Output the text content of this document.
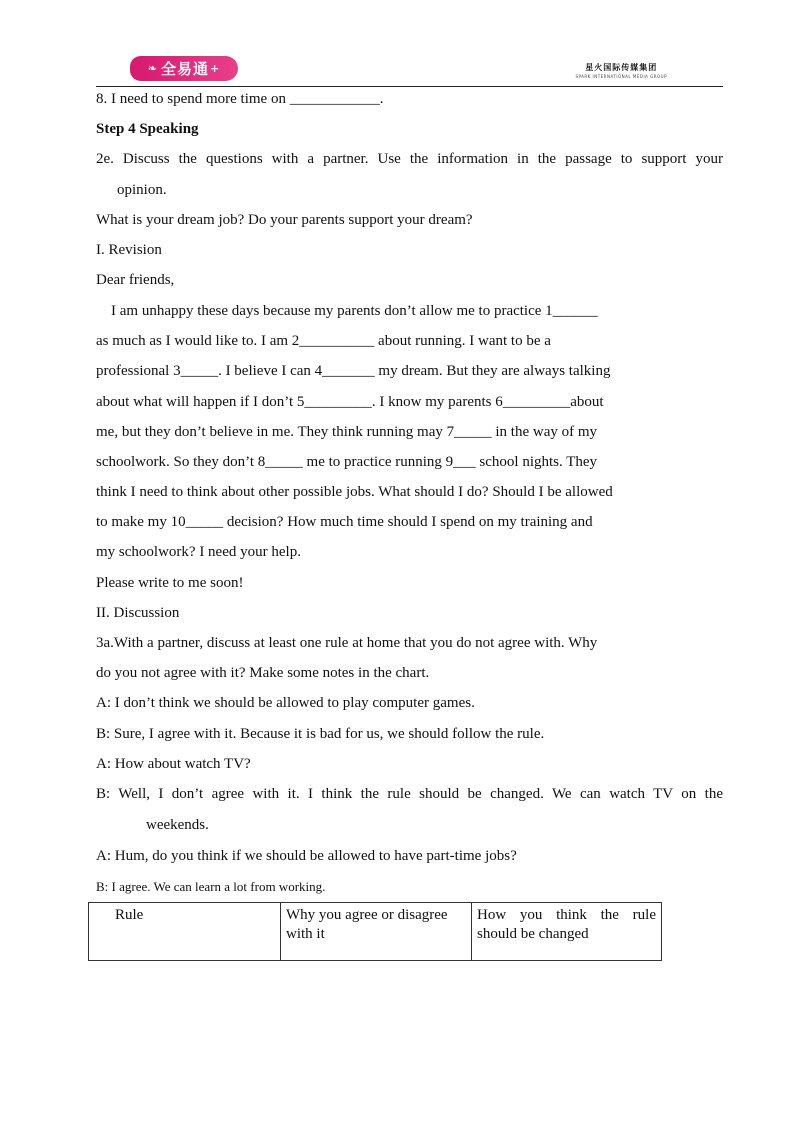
❧ 全易通 +	星火国际传媒集团
SPARK INTERNATIONAL MEDIA GROUP
8. I need to spend more time on ____________.
Step 4 Speaking
2e. Discuss the questions with a partner. Use the information in the passage to support your
opinion.
What is your dream job? Do your parents support your dream?
I. Revision
Dear friends,
I am unhappy these days because my parents don’t allow me to practice 1______
as much as I would like to. I am 2__________ about running. I want to be a
professional 3_____. I believe I can 4_______ my dream. But they are always talking
about what will happen if I don’t 5_________. I know my parents 6_________about
me, but they don’t believe in me. They think running may 7_____ in the way of my
schoolwork. So they don’t 8_____ me to practice running 9___ school nights. They
think I need to think about other possible jobs. What should I do? Should I be allowed
to make my 10_____ decision? How much time should I spend on my training and
my schoolwork? I need your help.
Please write to me soon!
II. Discussion
3a.With a partner, discuss at least one rule at home that you do not agree with. Why
do you not agree with it? Make some notes in the chart.
A: I don’t think we should be allowed to play computer games.
B: Sure, I agree with it. Because it is bad for us, we should follow the rule.
A: How about watch TV?
B: Well, I don’t agree with it. I think the rule should be changed. We can watch TV on the
weekends.
A: Hum, do you think if we should be allowed to have part-time jobs?
B: I agree. We can learn a lot from working.
Rule	Why you agree or disagree with it	How you think the rule should be changed
